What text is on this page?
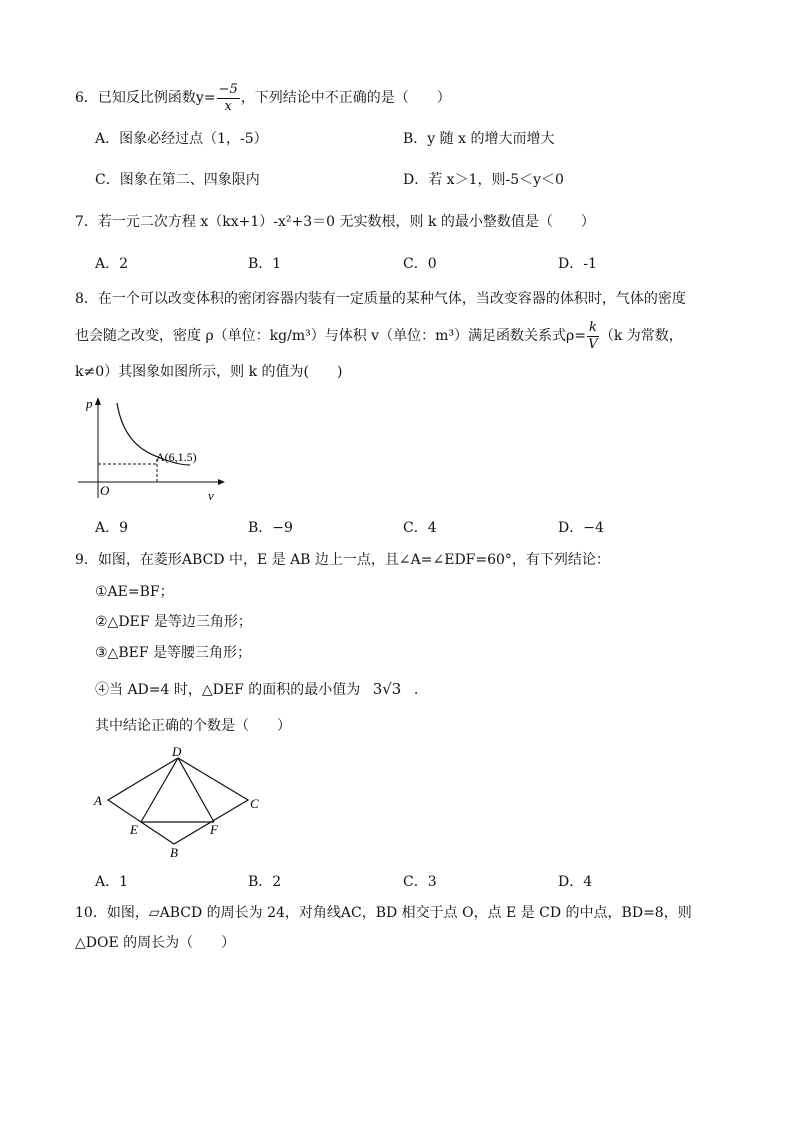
6．已知反比例函数$y= \frac{-5}{x}$ ，下列结论中不正确的是（　　）
A．图象必经过点（1，-5）	B．y 随 x 的增大而增大
C．图象在第二、四象限内	D．若 x＞1，则-5＜y＜0
7．若一元二次方程 x（kx+1）-x²+3＝0 无实数根，则 k 的最小整数值是（　　）
A．2	B．1	C．0	D．-1
8．在一个可以改变体积的密闭容器内装有一定质量的某种气体，当改变容器的体积时，气体的密度
也会随之改变，密度 ρ（单位：kg/m³）与体积 v（单位：m³）满足函数关系式$\rho= \frac{k}{V} (k$ 为常数，
k≠0）其图象如图所示，则 k 的值为(　　)
p
v
O
A(6,1.5)
A．9	B．−9	C．4	D．−4
9．如图，在菱形ABCD 中，E 是 AB 边上一点，且∠A=∠EDF=60°，有下列结论：
①AE=BF；
②△DEF 是等边三角形；
③△BEF 是等腰三角形；
④当 AD=4 时，△DEF 的面积的最小值为 3√3 .
其中结论正确的个数是（　　）
A
D
C
B
E	F
A．1	B．2	C．3	D．4
10．如图，▱ABCD 的周长为 24，对角线AC，BD 相交于点 O，点 E 是 CD 的中点，BD=8，则
△DOE 的周长为（　　）
